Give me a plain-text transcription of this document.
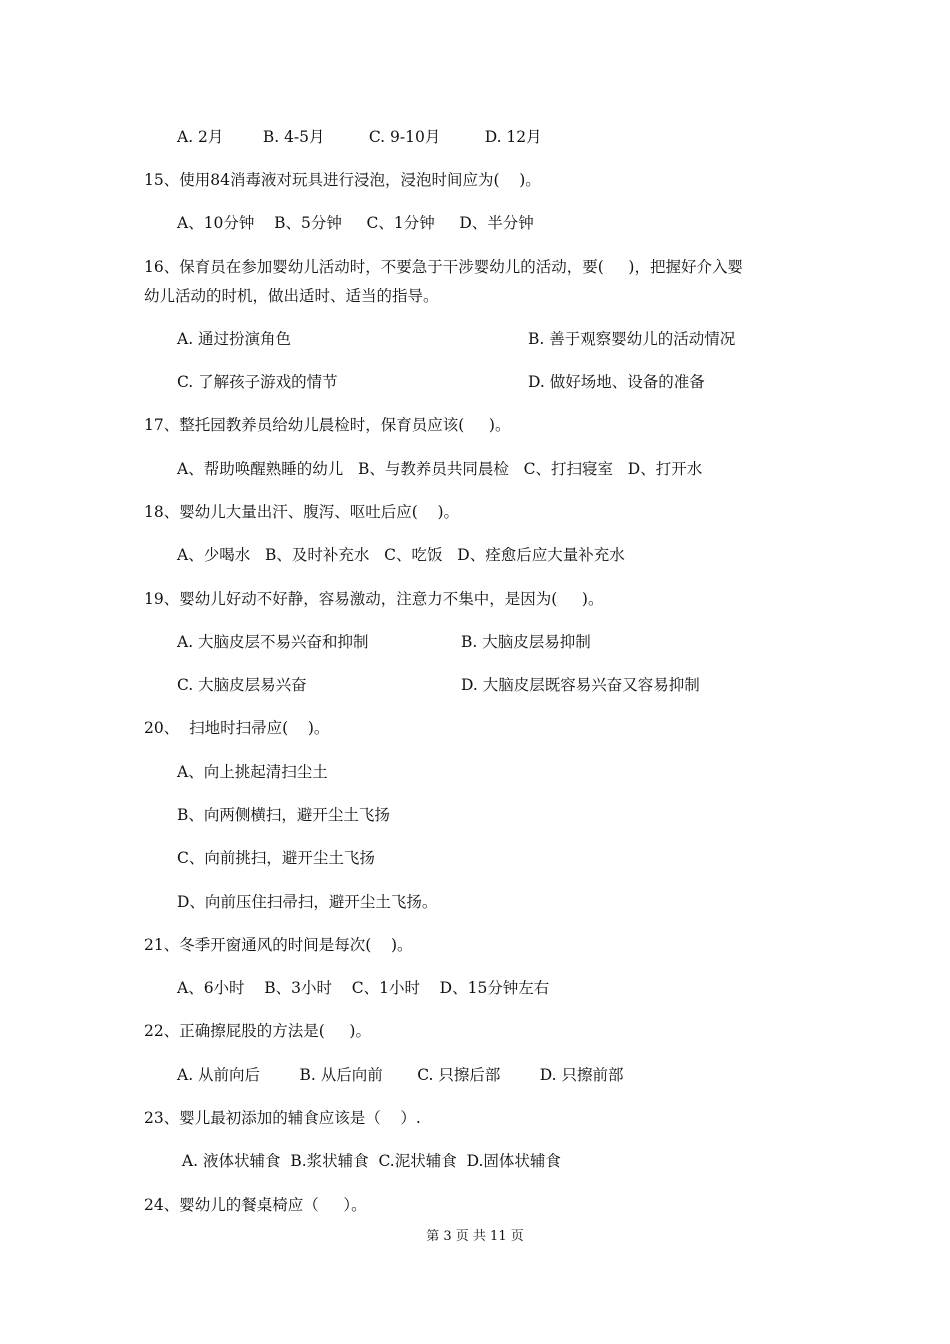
A. 2月        B. 4-5月         C. 9-10月         D. 12月
15、使用84消毒液对玩具进行浸泡，浸泡时间应为(    )。
A、10分钟    B、5分钟     C、1分钟     D、半分钟
16、保育员在参加婴幼儿活动时，不要急于干涉婴幼儿的活动，要(     )，把握好介入婴
幼儿活动的时机，做出适时、适当的指导。
A. 通过扮演角色	B. 善于观察婴幼儿的活动情况
C. 了解孩子游戏的情节	D. 做好场地、设备的准备
17、整托园教养员给幼儿晨检时，保育员应该(     )。
A、帮助唤醒熟睡的幼儿   B、与教养员共同晨检   C、打扫寝室   D、打开水
18、婴幼儿大量出汗、腹泻、呕吐后应(    )。
A、少喝水   B、及时补充水   C、吃饭   D、痊愈后应大量补充水
19、婴幼儿好动不好静，容易激动，注意力不集中，是因为(     )。
A. 大脑皮层不易兴奋和抑制	B. 大脑皮层易抑制
C. 大脑皮层易兴奋	D. 大脑皮层既容易兴奋又容易抑制
20、  扫地时扫帚应(    )。
A、向上挑起清扫尘土
B、向两侧横扫，避开尘土飞扬
C、向前挑扫，避开尘土飞扬
D、向前压住扫帚扫，避开尘土飞扬。
21、冬季开窗通风的时间是每次(    )。
A、6小时    B、3小时    C、1小时    D、15分钟左右
22、正确擦屁股的方法是(     )。
A. 从前向后        B. 从后向前       C. 只擦后部        D. 只擦前部
23、婴儿最初添加的辅食应该是（    ）.
A. 液体状辅食  B.浆状辅食  C.泥状辅食  D.固体状辅食
24、婴幼儿的餐桌椅应（     ）。
第 3 页 共 11 页
